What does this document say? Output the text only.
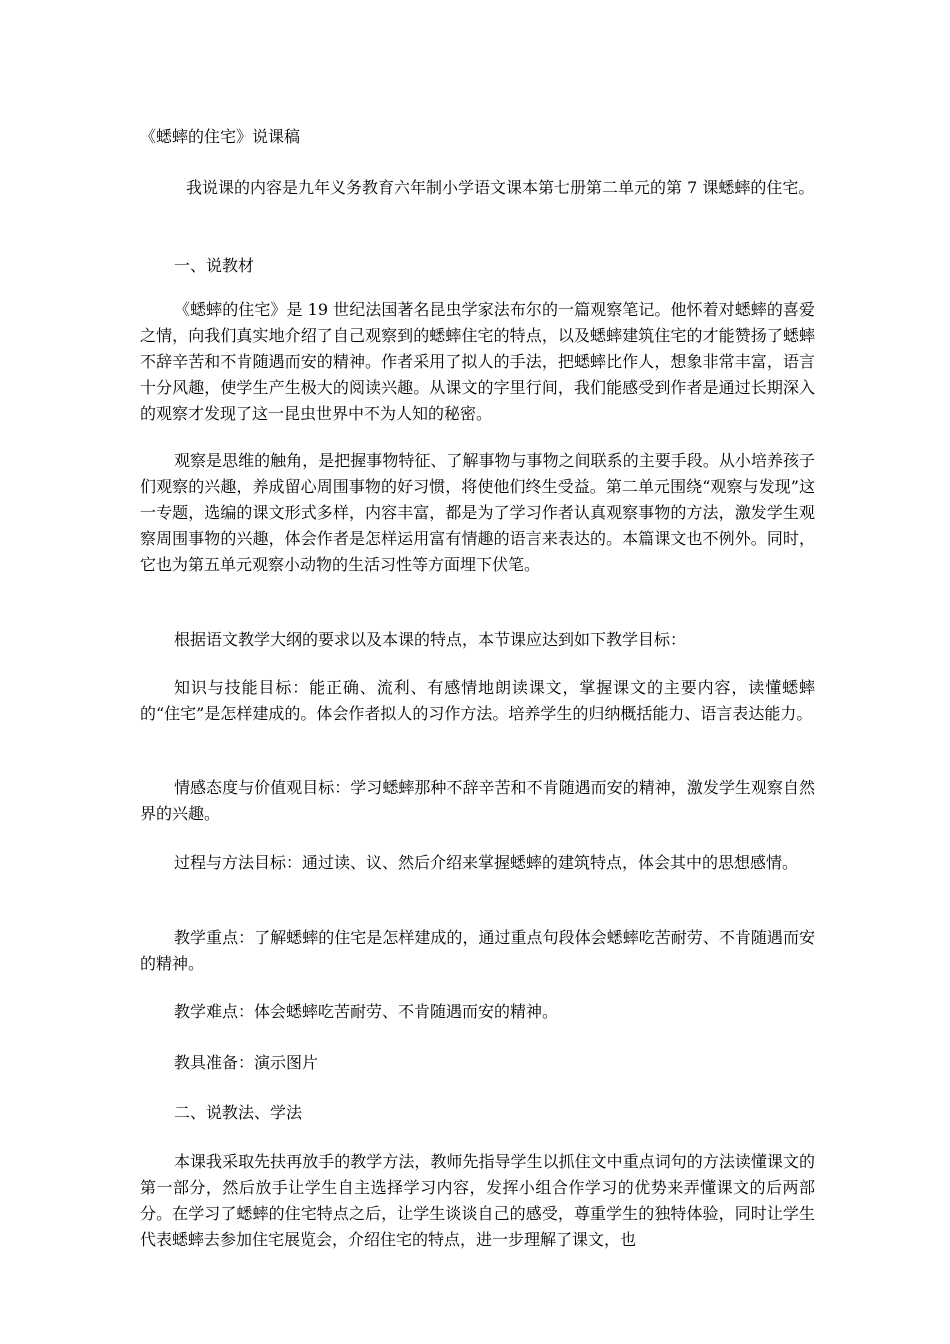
《蟋蟀的住宅》说课稿

我说课的内容是九年义务教育六年制小学语文课本第七册第二单元的第 7 课蟋蟀的住宅。

一、说教材

《蟋蟀的住宅》是 19 世纪法国著名昆虫学家法布尔的一篇观察笔记。他怀着对蟋蟀的喜爱之情，向我们真实地介绍了自己观察到的蟋蟀住宅的特点，以及蟋蟀建筑住宅的才能赞扬了蟋蟀不辞辛苦和不肯随遇而安的精神。作者采用了拟人的手法，把蟋蟀比作人，想象非常丰富，语言十分风趣，使学生产生极大的阅读兴趣。从课文的字里行间，我们能感受到作者是通过长期深入的观察才发现了这一昆虫世界中不为人知的秘密。

观察是思维的触角，是把握事物特征、了解事物与事物之间联系的主要手段。从小培养孩子们观察的兴趣，养成留心周围事物的好习惯，将使他们终生受益。第二单元围绕“观察与发现”这一专题，选编的课文形式多样，内容丰富，都是为了学习作者认真观察事物的方法，激发学生观察周围事物的兴趣，体会作者是怎样运用富有情趣的语言来表达的。本篇课文也不例外。同时，它也为第五单元观察小动物的生活习性等方面埋下伏笔。

根据语文教学大纲的要求以及本课的特点，本节课应达到如下教学目标：

知识与技能目标：能正确、流利、有感情地朗读课文，掌握课文的主要内容，读懂蟋蟀的“住宅”是怎样建成的。体会作者拟人的习作方法。培养学生的归纳概括能力、语言表达能力。

情感态度与价值观目标：学习蟋蟀那种不辞辛苦和不肯随遇而安的精神，激发学生观察自然界的兴趣。

过程与方法目标：通过读、议、然后介绍来掌握蟋蟀的建筑特点，体会其中的思想感情。

教学重点：了解蟋蟀的住宅是怎样建成的，通过重点句段体会蟋蟀吃苦耐劳、不肯随遇而安的精神。

教学难点：体会蟋蟀吃苦耐劳、不肯随遇而安的精神。

教具准备：演示图片

二、说教法、学法

本课我采取先扶再放手的教学方法，教师先指导学生以抓住文中重点词句的方法读懂课文的第一部分，然后放手让学生自主选择学习内容，发挥小组合作学习的优势来弄懂课文的后两部分。在学习了蟋蟀的住宅特点之后，让学生谈谈自己的感受，尊重学生的独特体验，同时让学生代表蟋蟀去参加住宅展览会，介绍住宅的特点，进一步理解了课文，也
